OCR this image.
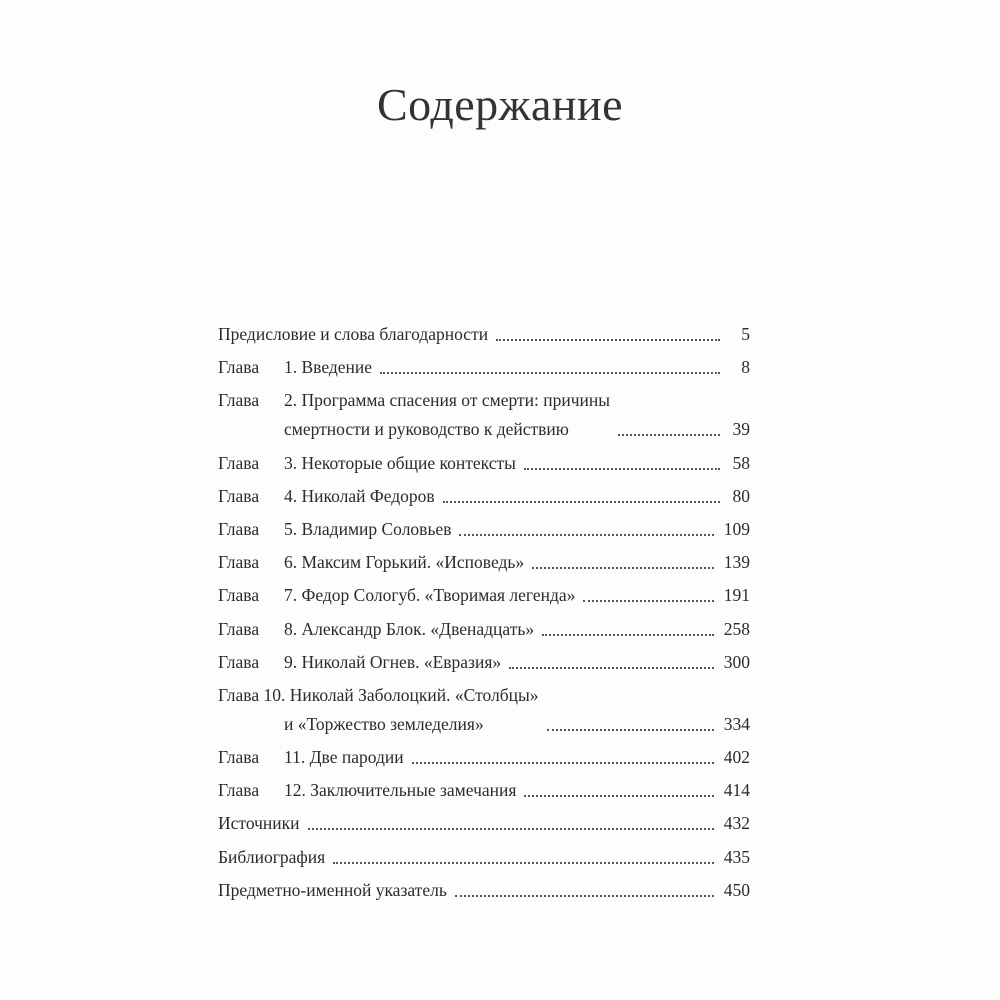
Содержание
Предисловие и слова благодарности	5
Глава	1. Введение	8
Глава	2. Программа спасения от смерти: причины
смертности и руководство к действию	39
Глава	3. Некоторые общие контексты	58
Глава	4. Николай Федоров	80
Глава	5. Владимир Соловьев	109
Глава	6. Максим Горький. «Исповедь»	139
Глава	7. Федор Сологуб. «Творимая легенда»	191
Глава	8. Александр Блок. «Двенадцать»	258
Глава	9. Николай Огнев. «Евразия»	300
Глава 10. Николай Заболоцкий. «Столбцы»
и «Торжество земледелия»	334
Глава	11. Две пародии	402
Глава	12. Заключительные замечания	414
Источники	432
Библиография	435
Предметно-именной указатель	450
